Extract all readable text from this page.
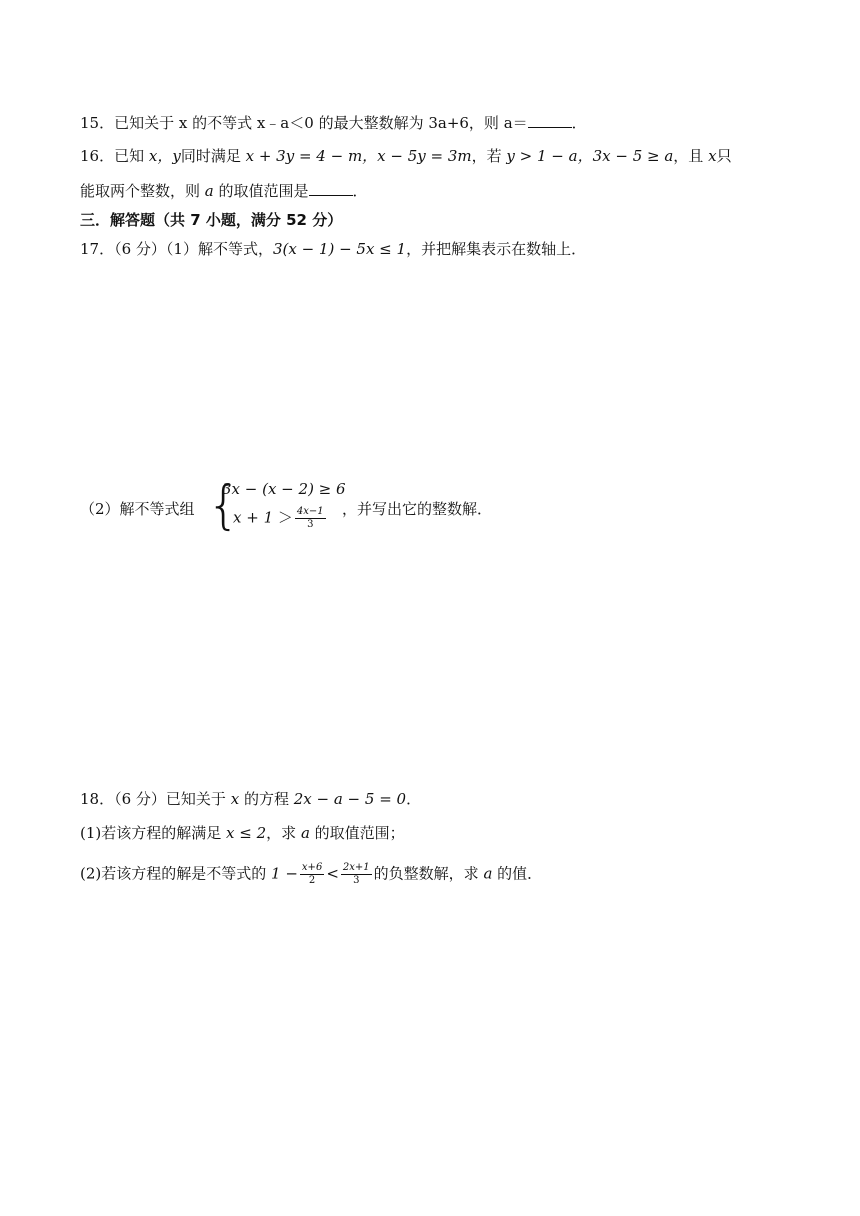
15．已知关于 x 的不等式 x﹣a＜0 的最大整数解为 3a+6，则 a＝	．
16．已知 x，y同时满足 x + 3y = 4 − m，x − 5y = 3m，若 y > 1 − a，3x − 5 ≥ a，且 x只
能取两个整数，则 a 的取值范围是	．
三．解答题（共 7 小题，满分 52 分）
17．（6 分）（1）解不等式，3(x − 1) − 5x ≤ 1，并把解集表示在数轴上．
（2）解不等式组 {
3x − (x − 2) ≥ 6
$x + 1 > \frac{4x-1}{3}$ ，并写出它的整数解．
18．（6 分）已知关于 x 的方程 2x − a − 5 = 0．
(1)若该方程的解满足 x ≤ 2，求 a 的取值范围；
(2)若该方程的解是不等式的 $1 - \frac{x+6}{2} < \frac{2x+1}{3}$ 的负整数解，求 a 的值．
